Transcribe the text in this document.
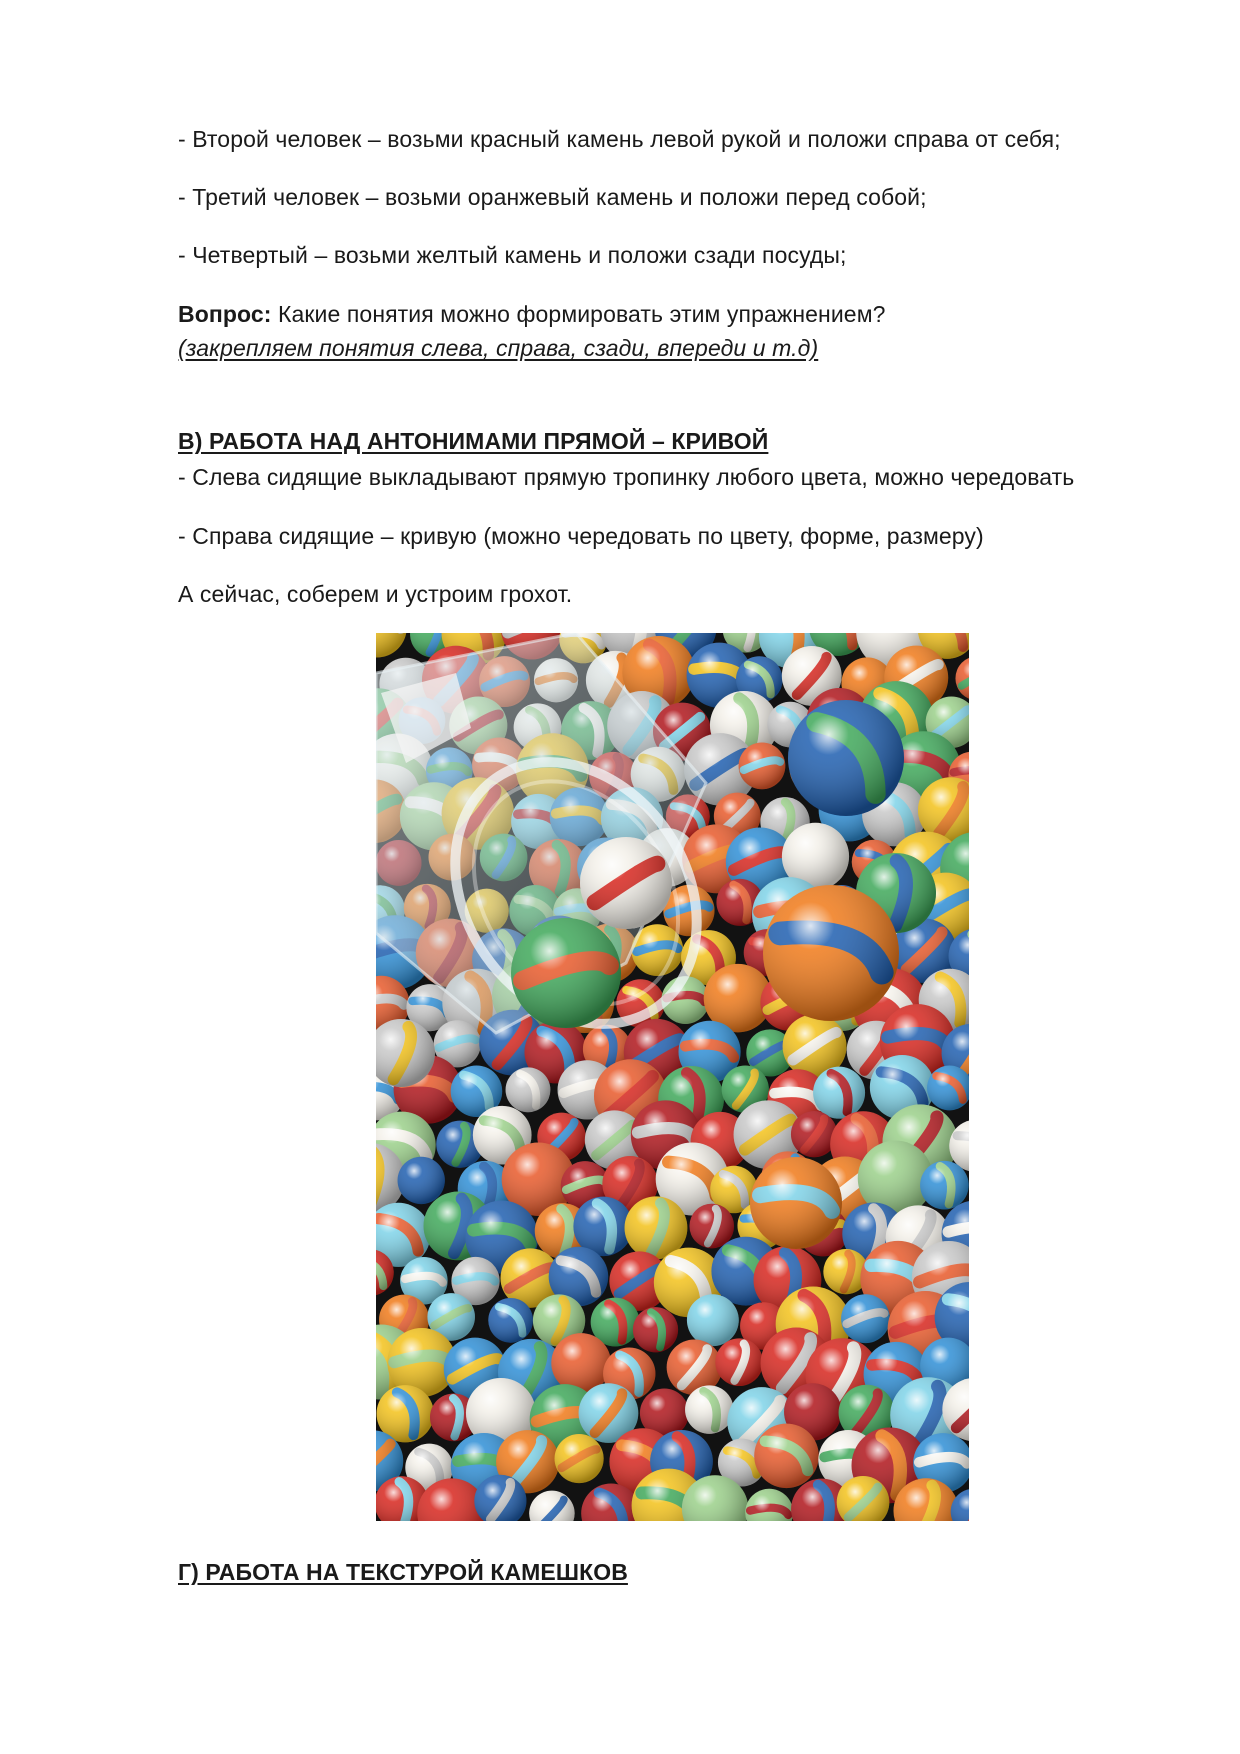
- Второй человек – возьми красный камень левой рукой и положи справа от себя;
- Третий человек – возьми оранжевый камень и положи перед собой;
- Четвертый – возьми желтый камень и положи сзади посуды;
Вопрос: Какие понятия можно формировать этим упражнением?
(закрепляем понятия слева, справа, сзади, впереди и т.д)
В) РАБОТА НАД АНТОНИМАМИ ПРЯМОЙ – КРИВОЙ
- Слева сидящие выкладывают прямую тропинку любого цвета, можно чередовать
- Справа сидящие – кривую (можно чередовать по цвету, форме, размеру)
А сейчас, соберем и устроим грохот.
Г) РАБОТА НА ТЕКСТУРОЙ КАМЕШКОВ
